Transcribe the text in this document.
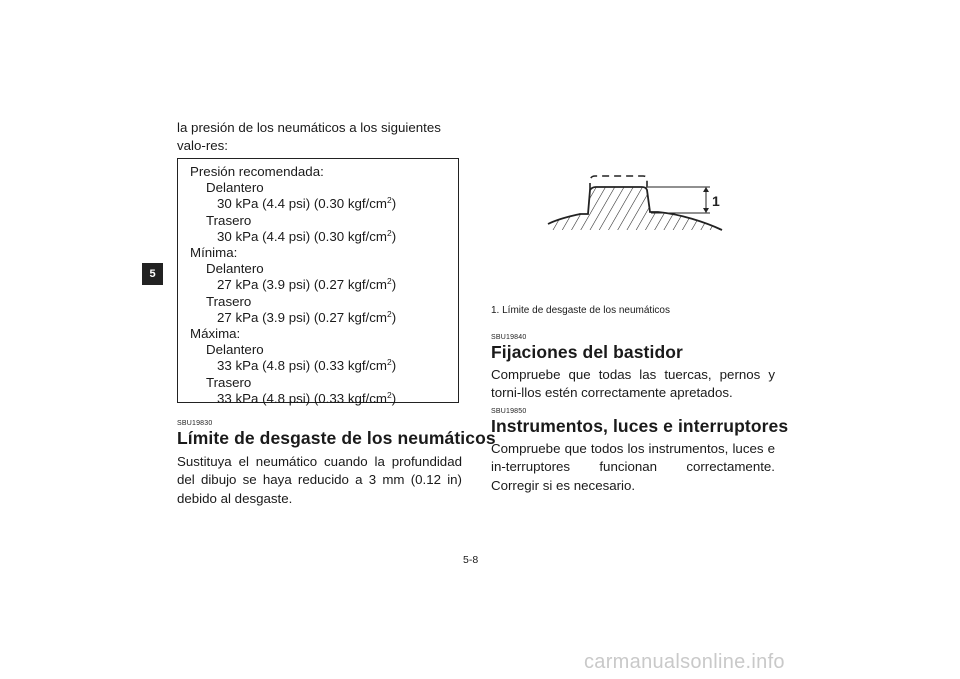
5

la presión de los neumáticos a los siguientes valo-res:

Presión recomendada:
Delantero
30 kPa (4.4 psi) (0.30 kgf/$cm^2$)
Trasero
30 kPa (4.4 psi) (0.30 kgf/$cm^2$)
Mínima:
Delantero
27 kPa (3.9 psi) (0.27 kgf/$cm^2$)
Trasero
27 kPa (3.9 psi) (0.27 kgf/$cm^2$)
Máxima:
Delantero
33 kPa (4.8 psi) (0.33 kgf/$cm^2$)
Trasero
33 kPa (4.8 psi) (0.33 kgf/$cm^2$)
SBU19830
Límite de desgaste de los neumáticos

Sustituya el neumático cuando la profundidad del dibujo se haya reducido a 3 mm (0.12 in) debido al desgaste.

1
1. Límite de desgaste de los neumáticos
SBU19840
Fijaciones del bastidor

Compruebe que todas las tuercas, pernos y torni-llos estén correctamente apretados.

SBU19850
Instrumentos, luces e interruptores

Compruebe que todos los instrumentos, luces e in-terruptores funcionan correctamente. Corregir si es necesario.

5-8
carmanualsonline.info
